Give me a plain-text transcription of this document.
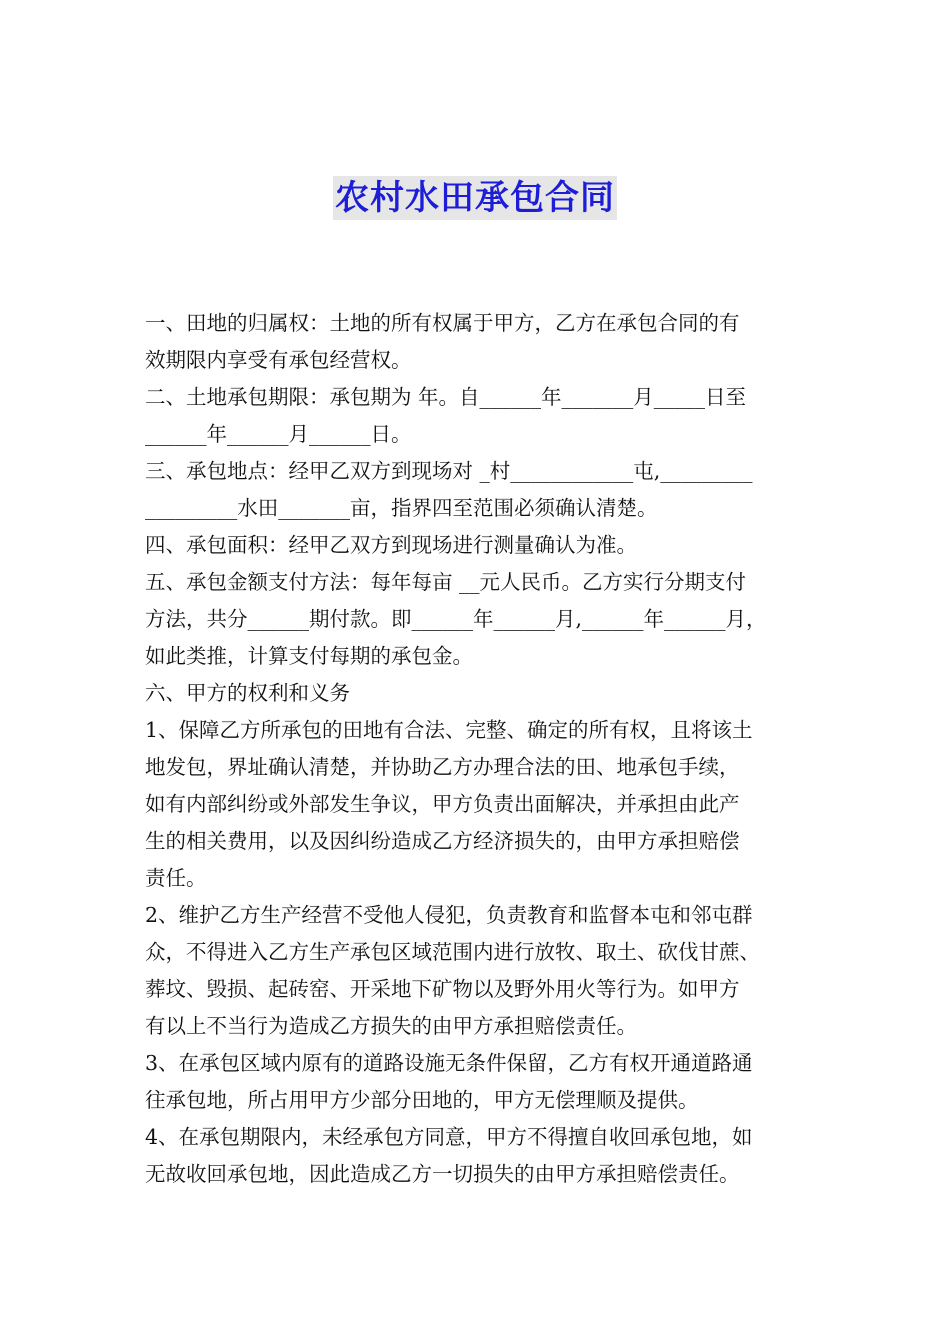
农村水田承包合同
一、田地的归属权：土地的所有权属于甲方，乙方在承包合同的有
效期限内享受有承包经营权。
二、土地承包期限：承包期为 年。自______年_______月_____日至
______年______月______日。
三、承包地点：经甲乙双方到现场对 _村____________屯,_________
_________水田_______亩，指界四至范围必须确认清楚。
四、承包面积：经甲乙双方到现场进行测量确认为准。
五、承包金额支付方法：每年每亩 __元人民币。乙方实行分期支付
方法，共分______期付款。即______年______月,______年______月，
如此类推，计算支付每期的承包金。
六、甲方的权利和义务
1、保障乙方所承包的田地有合法、完整、确定的所有权，且将该土
地发包，界址确认清楚，并协助乙方办理合法的田、地承包手续，
如有内部纠纷或外部发生争议，甲方负责出面解决，并承担由此产
生的相关费用，以及因纠纷造成乙方经济损失的，由甲方承担赔偿
责任。
2、维护乙方生产经营不受他人侵犯，负责教育和监督本屯和邻屯群
众，不得进入乙方生产承包区域范围内进行放牧、取土、砍伐甘蔗、
葬坟、毁损、起砖窑、开采地下矿物以及野外用火等行为。如甲方
有以上不当行为造成乙方损失的由甲方承担赔偿责任。
3、在承包区域内原有的道路设施无条件保留，乙方有权开通道路通
往承包地，所占用甲方少部分田地的，甲方无偿理顺及提供。
4、在承包期限内，未经承包方同意，甲方不得擅自收回承包地，如
无故收回承包地，因此造成乙方一切损失的由甲方承担赔偿责任。
